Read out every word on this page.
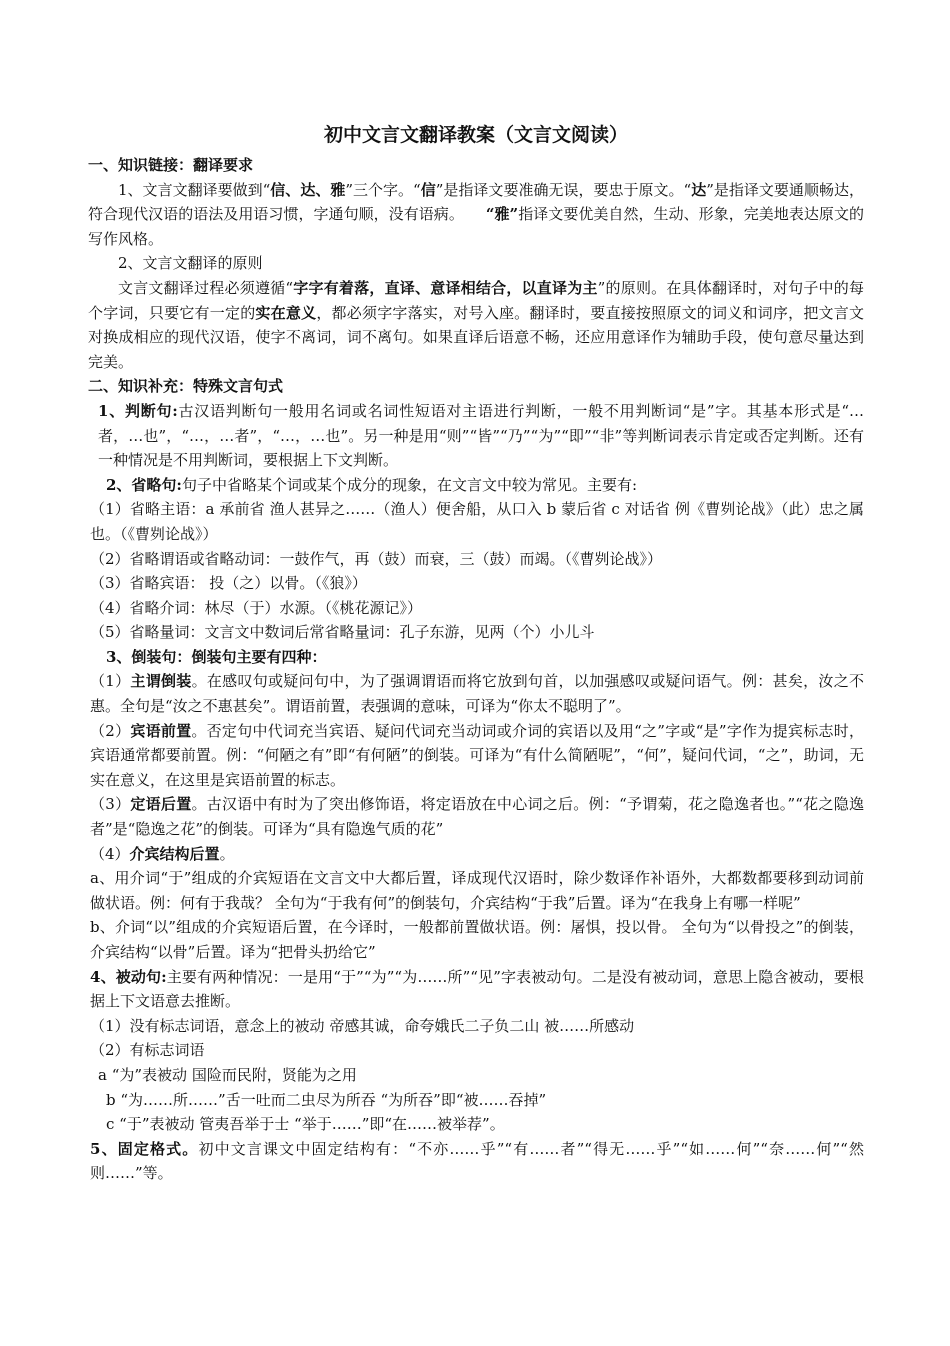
初中文言文翻译教案（文言文阅读）

一、知识链接：翻译要求

1、文言文翻译要做到“信、达、雅”三个字。“信”是指译文要准确无误，要忠于原文。“达”是指译文要通顺畅达，符合现代汉语的语法及用语习惯，字通句顺，没有语病。 “雅”指译文要优美自然，生动、形象，完美地表达原文的写作风格。

2、文言文翻译的原则

文言文翻译过程必须遵循“字字有着落，直译、意译相结合，以直译为主”的原则。在具体翻译时，对句子中的每个字词，只要它有一定的实在意义，都必须字字落实，对号入座。翻译时，要直接按照原文的词义和词序，把文言文对换成相应的现代汉语，使字不离词，词不离句。如果直译后语意不畅，还应用意译作为辅助手段，使句意尽量达到完美。

二、知识补充：特殊文言句式

1、判断句:古汉语判断句一般用名词或名词性短语对主语进行判断，一般不用判断词“是”字。其基本形式是“…者，…也”，“…，…者”，“…，…也”。另一种是用“则”“皆”“乃”“为”“即”“非”等判断词表示肯定或否定判断。还有一种情况是不用判断词，要根据上下文判断。

2、省略句:句子中省略某个词或某个成分的现象，在文言文中较为常见。主要有:

（1）省略主语：a 承前省 渔人甚异之……（渔人）便舍船，从口入 b 蒙后省 c 对话省 例《曹刿论战》（此）忠之属也。（《曹刿论战》）

（2）省略谓语或省略动词：一鼓作气，再（鼓）而衰，三（鼓）而竭。（《曹刿论战》）

（3）省略宾语： 投（之）以骨。（《狼》）

（4）省略介词：林尽（于）水源。（《桃花源记》）

（5）省略量词：文言文中数词后常省略量词：孔子东游，见两（个）小儿斗

3、倒装句：倒装句主要有四种：

（1）主谓倒装。在感叹句或疑问句中，为了强调谓语而将它放到句首，以加强感叹或疑问语气。例：甚矣，汝之不惠。全句是“汝之不惠甚矣”。谓语前置，表强调的意味，可译为“你太不聪明了”。

（2）宾语前置。否定句中代词充当宾语、疑问代词充当动词或介词的宾语以及用“之”字或“是”字作为提宾标志时，宾语通常都要前置。例：“何陋之有”即“有何陋”的倒装。可译为“有什么简陋呢”，“何”，疑问代词，“之”，助词，无实在意义，在这里是宾语前置的标志。

（3）定语后置。古汉语中有时为了突出修饰语，将定语放在中心词之后。例：“予谓菊，花之隐逸者也。”“花之隐逸者”是“隐逸之花”的倒装。可译为“具有隐逸气质的花”

（4）介宾结构后置。

a、用介词“于”组成的介宾短语在文言文中大都后置，译成现代汉语时，除少数译作补语外，大都数都要移到动词前做状语。例：何有于我哉？ 全句为“于我有何”的倒装句，介宾结构“于我”后置。译为“在我身上有哪一样呢”

b、介词“以”组成的介宾短语后置，在今译时，一般都前置做状语。例：屠惧，投以骨。 全句为“以骨投之”的倒装，介宾结构“以骨”后置。译为“把骨头扔给它”

4、被动句:主要有两种情况：一是用“于”“为”“为……所”“见”字表被动句。二是没有被动词，意思上隐含被动，要根据上下文语意去推断。

（1）没有标志词语，意念上的被动 帝感其诚，命夸娥氏二子负二山 被……所感动

（2）有标志词语

a “为”表被动 国险而民附，贤能为之用

b “为……所……”舌一吐而二虫尽为所吞 “为所吞”即“被……吞掉”

c “于”表被动 管夷吾举于士 “举于……”即“在……被举荐”。

5、固定格式。初中文言课文中固定结构有：“不亦……乎”“有……者”“得无……乎”“如……何”“奈……何”“然则……”等。
